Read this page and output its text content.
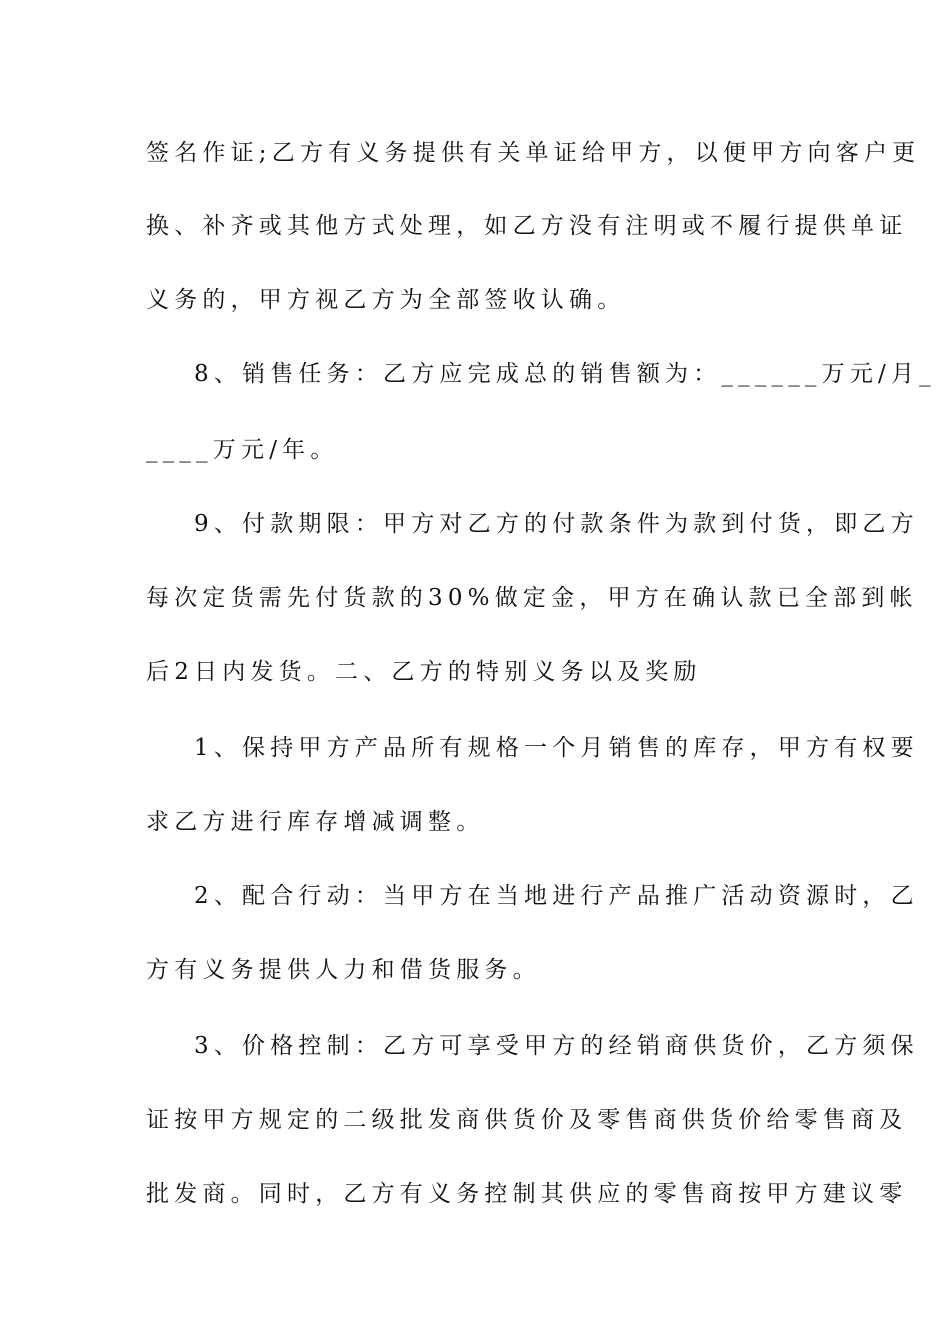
签名作证;乙方有义务提供有关单证给甲方，以便甲方向客户更
换、补齐或其他方式处理，如乙方没有注明或不履行提供单证
义务的，甲方视乙方为全部签收认确。
8、销售任务：乙方应完成总的销售额为：______万元/月_
____万元/年。
9、付款期限：甲方对乙方的付款条件为款到付货，即乙方
每次定货需先付货款的30%做定金，甲方在确认款已全部到帐
后2日内发货。二、乙方的特别义务以及奖励
1、保持甲方产品所有规格一个月销售的库存，甲方有权要
求乙方进行库存增减调整。
2、配合行动：当甲方在当地进行产品推广活动资源时，乙
方有义务提供人力和借货服务。
3、价格控制：乙方可享受甲方的经销商供货价，乙方须保
证按甲方规定的二级批发商供货价及零售商供货价给零售商及
批发商。同时，乙方有义务控制其供应的零售商按甲方建议零
